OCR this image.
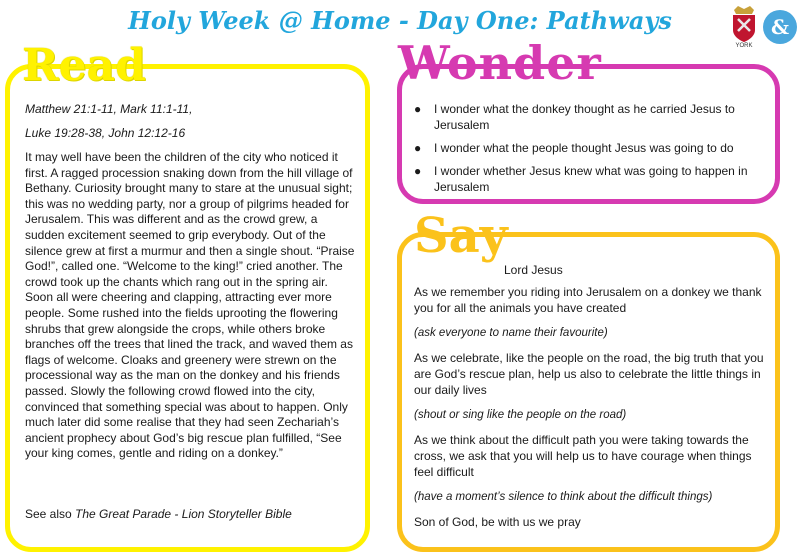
Holy Week @ Home - Day One: Pathways
YORK
&
Read
Matthew 21:1-11, Mark 11:1-11,
Luke 19:28-38, John 12:12-16
It may well have been the children of the city who noticed it first. A ragged procession snaking down from the hill village of Bethany. Curiosity brought many to stare at the unusual sight; this was no wedding party, nor a group of pilgrims headed for Jerusalem. This was different and as the crowd grew, a sudden excitement seemed to grip everybody. Out of the silence grew at first a murmur and then a single shout. “Praise God!”, called one. “Welcome to the king!” cried another. The crowd took up the chants which rang out in the spring air. Soon all were cheering and clapping, attracting ever more people. Some rushed into the fields uprooting the flowering shrubs that grew alongside the crops, while others broke branches off the trees that lined the track, and waved them as flags of welcome. Cloaks and greenery were strewn on the processional way as the man on the donkey and his friends passed. Slowly the following crowd flowed into the city, convinced that something special was about to happen. Only much later did some realise that they had seen Zechariah’s ancient prophecy about God’s big rescue plan fulfilled, “See your king comes, gentle and riding on a donkey.”
See also The Great Parade - Lion Storyteller Bible
Wonder
● I wonder what the donkey thought as he carried Jesus to Jerusalem
● I wonder what the people thought Jesus was going to do
● I wonder whether Jesus knew what was going to happen in Jerusalem
Say

Lord Jesus

As we remember you riding into Jerusalem on a donkey we thank you for all the animals you have created

(ask everyone to name their favourite)

As we celebrate, like the people on the road, the big truth that you are God’s rescue plan, help us also to celebrate the little things in our daily lives

(shout or sing like the people on the road)

As we think about the difficult path you were taking towards the cross, we ask that you will help us to have courage when things feel difficult

(have a moment’s silence to think about the difficult things)

Son of God, be with us we pray
